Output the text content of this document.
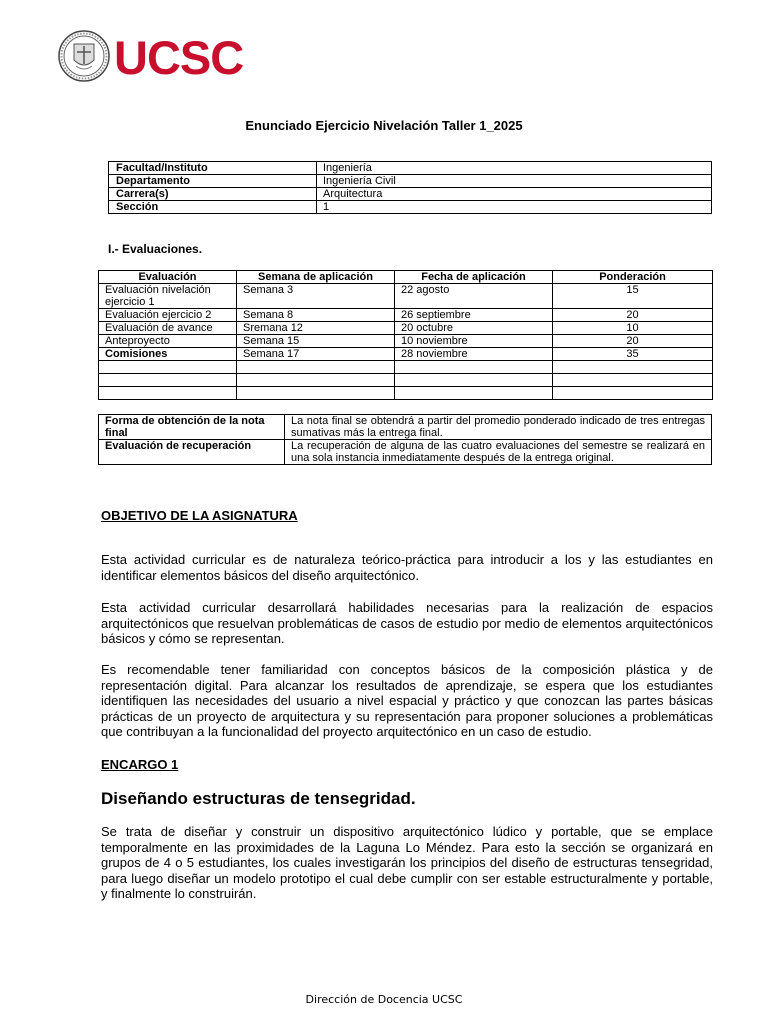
UCSC
Enunciado Ejercicio Nivelación Taller 1_2025
Facultad/Instituto	Ingeniería
Departamento	Ingeniería Civil
Carrera(s)	Arquitectura
Sección	1
I.- Evaluaciones.
Evaluación	Semana de aplicación	Fecha de aplicación	Ponderación
Evaluación nivelación ejercicio 1	Semana 3	22 agosto	15
Evaluación ejercicio 2	Semana 8	26 septiembre	20
Evaluación de avance	Sremana 12	20 octubre	10
Anteproyecto	Semana 15	10 noviembre	20
Comisiones	Semana 17	28 noviembre	35

Forma de obtención de la nota final	La nota final se obtendrá a partir del promedio ponderado indicado de tres entregas sumativas más la entrega final.
Evaluación de recuperación	La recuperación de alguna de las cuatro evaluaciones del semestre se realizará en una sola instancia inmediatamente después de la entrega original.
OBJETIVO DE LA ASIGNATURA

Esta actividad curricular es de naturaleza teórico-práctica para introducir a los y las estudiantes en identificar elementos básicos del diseño arquitectónico.

Esta actividad curricular desarrollará habilidades necesarias para la realización de espacios arquitectónicos que resuelvan problemáticas de casos de estudio por medio de elementos arquitectónicos básicos y cómo se representan.

Es recomendable tener familiaridad con conceptos básicos de la composición plástica y de representación digital. Para alcanzar los resultados de aprendizaje, se espera que los estudiantes identifiquen las necesidades del usuario a nivel espacial y práctico y que conozcan las partes básicas prácticas de un proyecto de arquitectura y su representación para proponer soluciones a problemáticas que contribuyan a la funcionalidad del proyecto arquitectónico en un caso de estudio.

ENCARGO 1
Diseñando estructuras de tensegridad.

Se trata de diseñar y construir un dispositivo arquitectónico lúdico y portable, que se emplace temporalmente en las proximidades de la Laguna Lo Méndez. Para esto la sección se organizará en grupos de 4 o 5 estudiantes, los cuales investigarán los principios del diseño de estructuras tensegridad, para luego diseñar un modelo prototipo el cual debe cumplir con ser estable estructuralmente y portable, y finalmente lo construirán.

Dirección de Docencia UCSC
